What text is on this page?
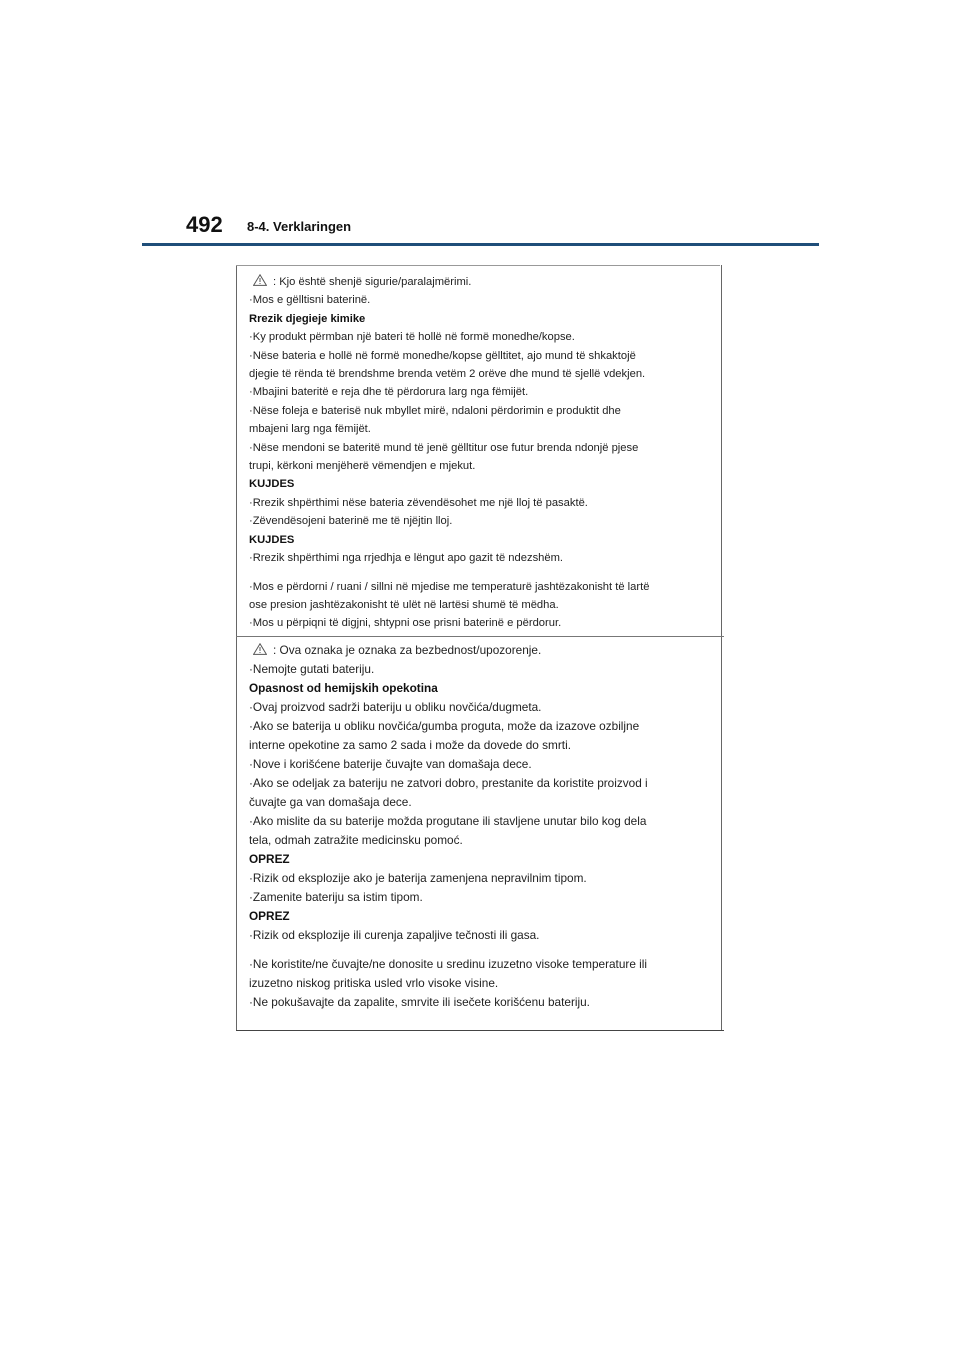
492 8-4. Verklaringen
: Kjo është shenjë sigurie/paralajmërimi.
·Mos e gëlltisni baterinë.
Rrezik djegieje kimike
·Ky produkt përmban një bateri të hollë në formë monedhe/kopse.
·Nëse bateria e hollë në formë monedhe/kopse gëlltitet, ajo mund të shkaktojë
djegie të rënda të brendshme brenda vetëm 2 orëve dhe mund të sjellë vdekjen.
·Mbajini bateritë e reja dhe të përdorura larg nga fëmijët.
·Nëse foleja e baterisë nuk mbyllet mirë, ndaloni përdorimin e produktit dhe
mbajeni larg nga fëmijët.
·Nëse mendoni se bateritë mund të jenë gëlltitur ose futur brenda ndonjë pjese
trupi, kërkoni menjëherë vëmendjen e mjekut.
KUJDES
·Rrezik shpërthimi nëse bateria zëvendësohet me një lloj të pasaktë.
·Zëvendësojeni baterinë me të njëjtin lloj.
KUJDES
·Rrezik shpërthimi nga rrjedhja e lëngut apo gazit të ndezshëm.
·Mos e përdorni / ruani / sillni në mjedise me temperaturë jashtëzakonisht të lartë
ose presion jashtëzakonisht të ulët në lartësi shumë të mëdha.
·Mos u përpiqni të digjni, shtypni ose prisni baterinë e përdorur.
: Ova oznaka je oznaka za bezbednost/upozorenje.
·Nemojte gutati bateriju.
Opasnost od hemijskih opekotina
·Ovaj proizvod sadrži bateriju u obliku novčića/dugmeta.
·Ako se baterija u obliku novčića/gumba proguta, može da izazove ozbiljne
interne opekotine za samo 2 sada i može da dovede do smrti.
·Nove i korišćene baterije čuvajte van domašaja dece.
·Ako se odeljak za bateriju ne zatvori dobro, prestanite da koristite proizvod i
čuvajte ga van domašaja dece.
·Ako mislite da su baterije možda progutane ili stavljene unutar bilo kog dela
tela, odmah zatražite medicinsku pomoć.
OPREZ
·Rizik od eksplozije ako je baterija zamenjena nepravilnim tipom.
·Zamenite bateriju sa istim tipom.
OPREZ
·Rizik od eksplozije ili curenja zapaljive tečnosti ili gasa.
·Ne koristite/ne čuvajte/ne donosite u sredinu izuzetno visoke temperature ili
izuzetno niskog pritiska usled vrlo visoke visine.
·Ne pokušavajte da zapalite, smrvite ili isečete korišćenu bateriju.
